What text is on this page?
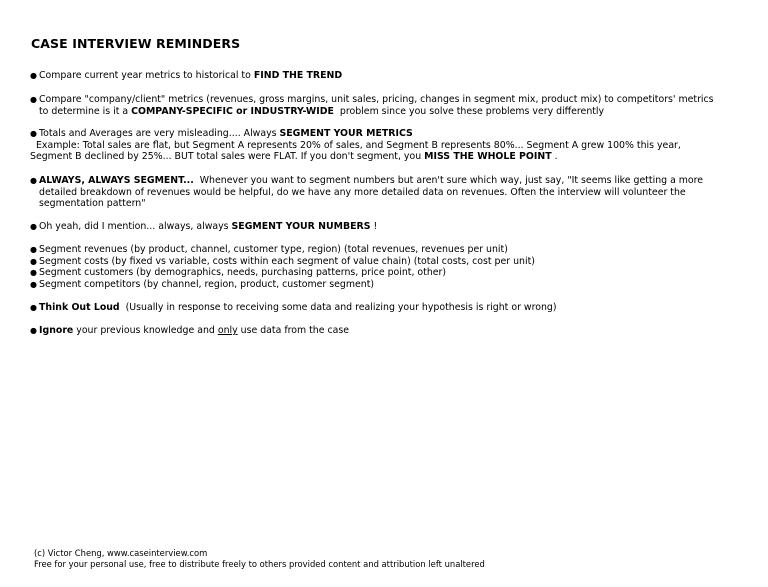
CASE INTERVIEW REMINDERS
● Compare current year metrics to historical to FIND THE TREND
● Compare "company/client" metrics (revenues, gross margins, unit sales, pricing, changes in segment mix, product mix) to competitors' metrics
to determine is it a COMPANY-SPECIFIC or INDUSTRY-WIDE  problem since you solve these problems very differently
● Totals and Averages are very misleading.... Always SEGMENT YOUR METRICS
Example: Total sales are flat, but Segment A represents 20% of sales, and Segment B represents 80%... Segment A grew 100% this year,
Segment B declined by 25%... BUT total sales were FLAT. If you don't segment, you MISS THE WHOLE POINT .
● ALWAYS, ALWAYS SEGMENT...  Whenever you want to segment numbers but aren't sure which way, just say, "It seems like getting a more
detailed breakdown of revenues would be helpful, do we have any more detailed data on revenues. Often the interview will volunteer the
segmentation pattern"
● Oh yeah, did I mention... always, always SEGMENT YOUR NUMBERS !
● Segment revenues (by product, channel, customer type, region) (total revenues, revenues per unit)
● Segment costs (by fixed vs variable, costs within each segment of value chain) (total costs, cost per unit)
● Segment customers (by demographics, needs, purchasing patterns, price point, other)
● Segment competitors (by channel, region, product, customer segment)
● Think Out Loud  (Usually in response to receiving some data and realizing your hypothesis is right or wrong)
● Ignore your previous knowledge and only use data from the case
(c) Victor Cheng, www.caseinterview.com
Free for your personal use, free to distribute freely to others provided content and attribution left unaltered
